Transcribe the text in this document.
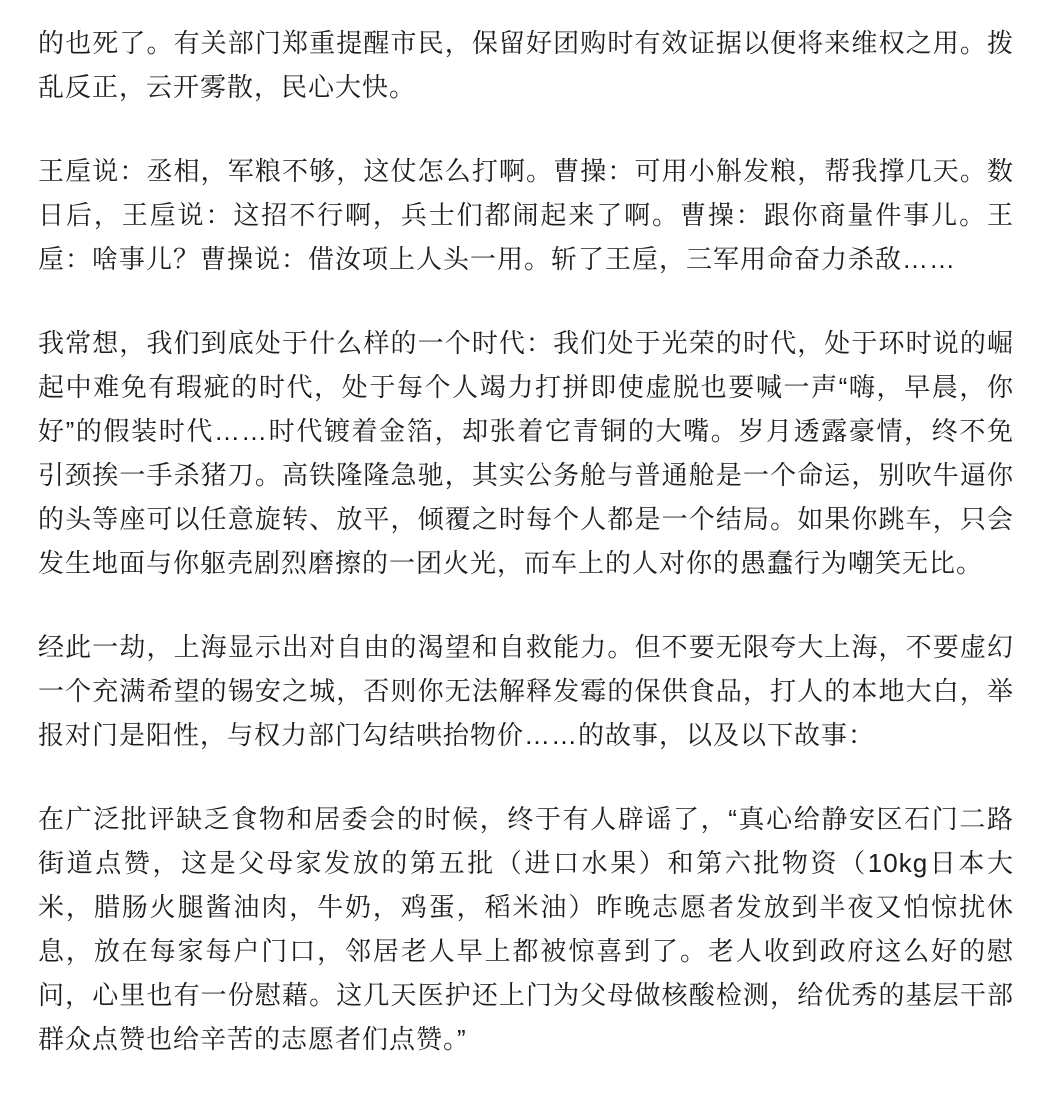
的也死了。有关部门郑重提醒市民，保留好团购时有效证据以便将来维权之用。拨乱反正，云开雾散，民心大快。

王垕说：丞相，军粮不够，这仗怎么打啊。曹操：可用小斛发粮，帮我撑几天。数日后，王垕说：这招不行啊，兵士们都闹起来了啊。曹操：跟你商量件事儿。王垕：啥事儿？曹操说：借汝项上人头一用。斩了王垕，三军用命奋力杀敌……

我常想，我们到底处于什么样的一个时代：我们处于光荣的时代，处于环时说的崛起中难免有瑕疵的时代，处于每个人竭力打拼即使虚脱也要喊一声“嗨，早晨，你好”的假装时代……时代镀着金箔，却张着它青铜的大嘴。岁月透露豪情，终不免引颈挨一手杀猪刀。高铁隆隆急驰，其实公务舱与普通舱是一个命运，别吹牛逼你的头等座可以任意旋转、放平，倾覆之时每个人都是一个结局。如果你跳车，只会发生地面与你躯壳剧烈磨擦的一团火光，而车上的人对你的愚蠢行为嘲笑无比。

经此一劫，上海显示出对自由的渴望和自救能力。但不要无限夸大上海，不要虚幻一个充满希望的锡安之城，否则你无法解释发霉的保供食品，打人的本地大白，举报对门是阳性，与权力部门勾结哄抬物价……的故事，以及以下故事：

在广泛批评缺乏食物和居委会的时候，终于有人辟谣了，“真心给静安区石门二路街道点赞，这是父母家发放的第五批（进口水果）和第六批物资（10kg日本大米，腊肠火腿酱油肉，牛奶，鸡蛋，稻米油）昨晚志愿者发放到半夜又怕惊扰休息，放在每家每户门口，邻居老人早上都被惊喜到了。老人收到政府这么好的慰问，心里也有一份慰藉。这几天医护还上门为父母做核酸检测，给优秀的基层干部群众点赞也给辛苦的志愿者们点赞。”
